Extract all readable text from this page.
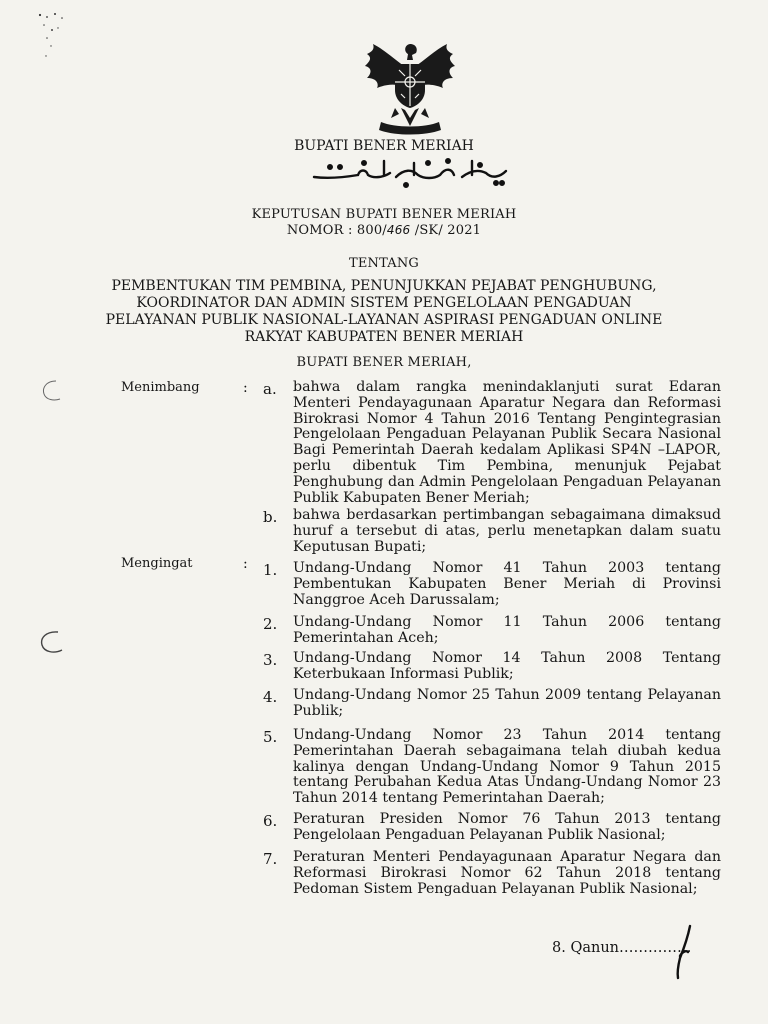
BUPATI BENER MERIAH
KEPUTUSAN BUPATI BENER MERIAH
NOMOR : 800/466 /SK/ 2021
TENTANG
PEMBENTUKAN TIM PEMBINA, PENUNJUKKAN PEJABAT PENGHUBUNG,
KOORDINATOR DAN ADMIN SISTEM PENGELOLAAN PENGADUAN
PELAYANAN PUBLIK NASIONAL-LAYANAN ASPIRASI PENGADUAN ONLINE
RAKYAT KABUPATEN BENER MERIAH
BUPATI BENER MERIAH,
Menimbang	: a. bahwa dalam rangka menindaklanjuti surat Edaran Menteri Pendayagunaan Aparatur Negara dan Reformasi Birokrasi Nomor 4 Tahun 2016 Tentang Pengintegrasian Pengelolaan Pengaduan Pelayanan Publik Secara Nasional Bagi Pemerintah Daerah kedalam Aplikasi SP4N –LAPOR, perlu dibentuk Tim Pembina, menunjuk Pejabat Penghubung dan Admin Pengelolaan Pengaduan Pelayanan Publik Kabupaten Bener Meriah;
b. bahwa berdasarkan pertimbangan sebagaimana dimaksud huruf a tersebut di atas, perlu menetapkan dalam suatu Keputusan Bupati;
Mengingat	: 1. Undang-Undang Nomor 41 Tahun 2003 tentang Pembentukan Kabupaten Bener Meriah di Provinsi Nanggroe Aceh Darussalam;
2. Undang-Undang Nomor 11 Tahun 2006 tentang Pemerintahan Aceh;
3. Undang-Undang Nomor 14 Tahun 2008 Tentang Keterbukaan Informasi Publik;
4. Undang-Undang Nomor 25 Tahun 2009 tentang Pelayanan Publik;
5. Undang-Undang Nomor 23 Tahun 2014 tentang Pemerintahan Daerah sebagaimana telah diubah kedua kalinya dengan Undang-Undang Nomor 9 Tahun 2015 tentang Perubahan Kedua Atas Undang-Undang Nomor 23 Tahun 2014 tentang Pemerintahan Daerah;
6. Peraturan Presiden Nomor 76 Tahun 2013 tentang Pengelolaan Pengaduan Pelayanan Publik Nasional;
7. Peraturan Menteri Pendayagunaan Aparatur Negara dan Reformasi Birokrasi Nomor 62 Tahun 2018 tentang Pedoman Sistem Pengaduan Pelayanan Publik Nasional;
8. Qanun……………
